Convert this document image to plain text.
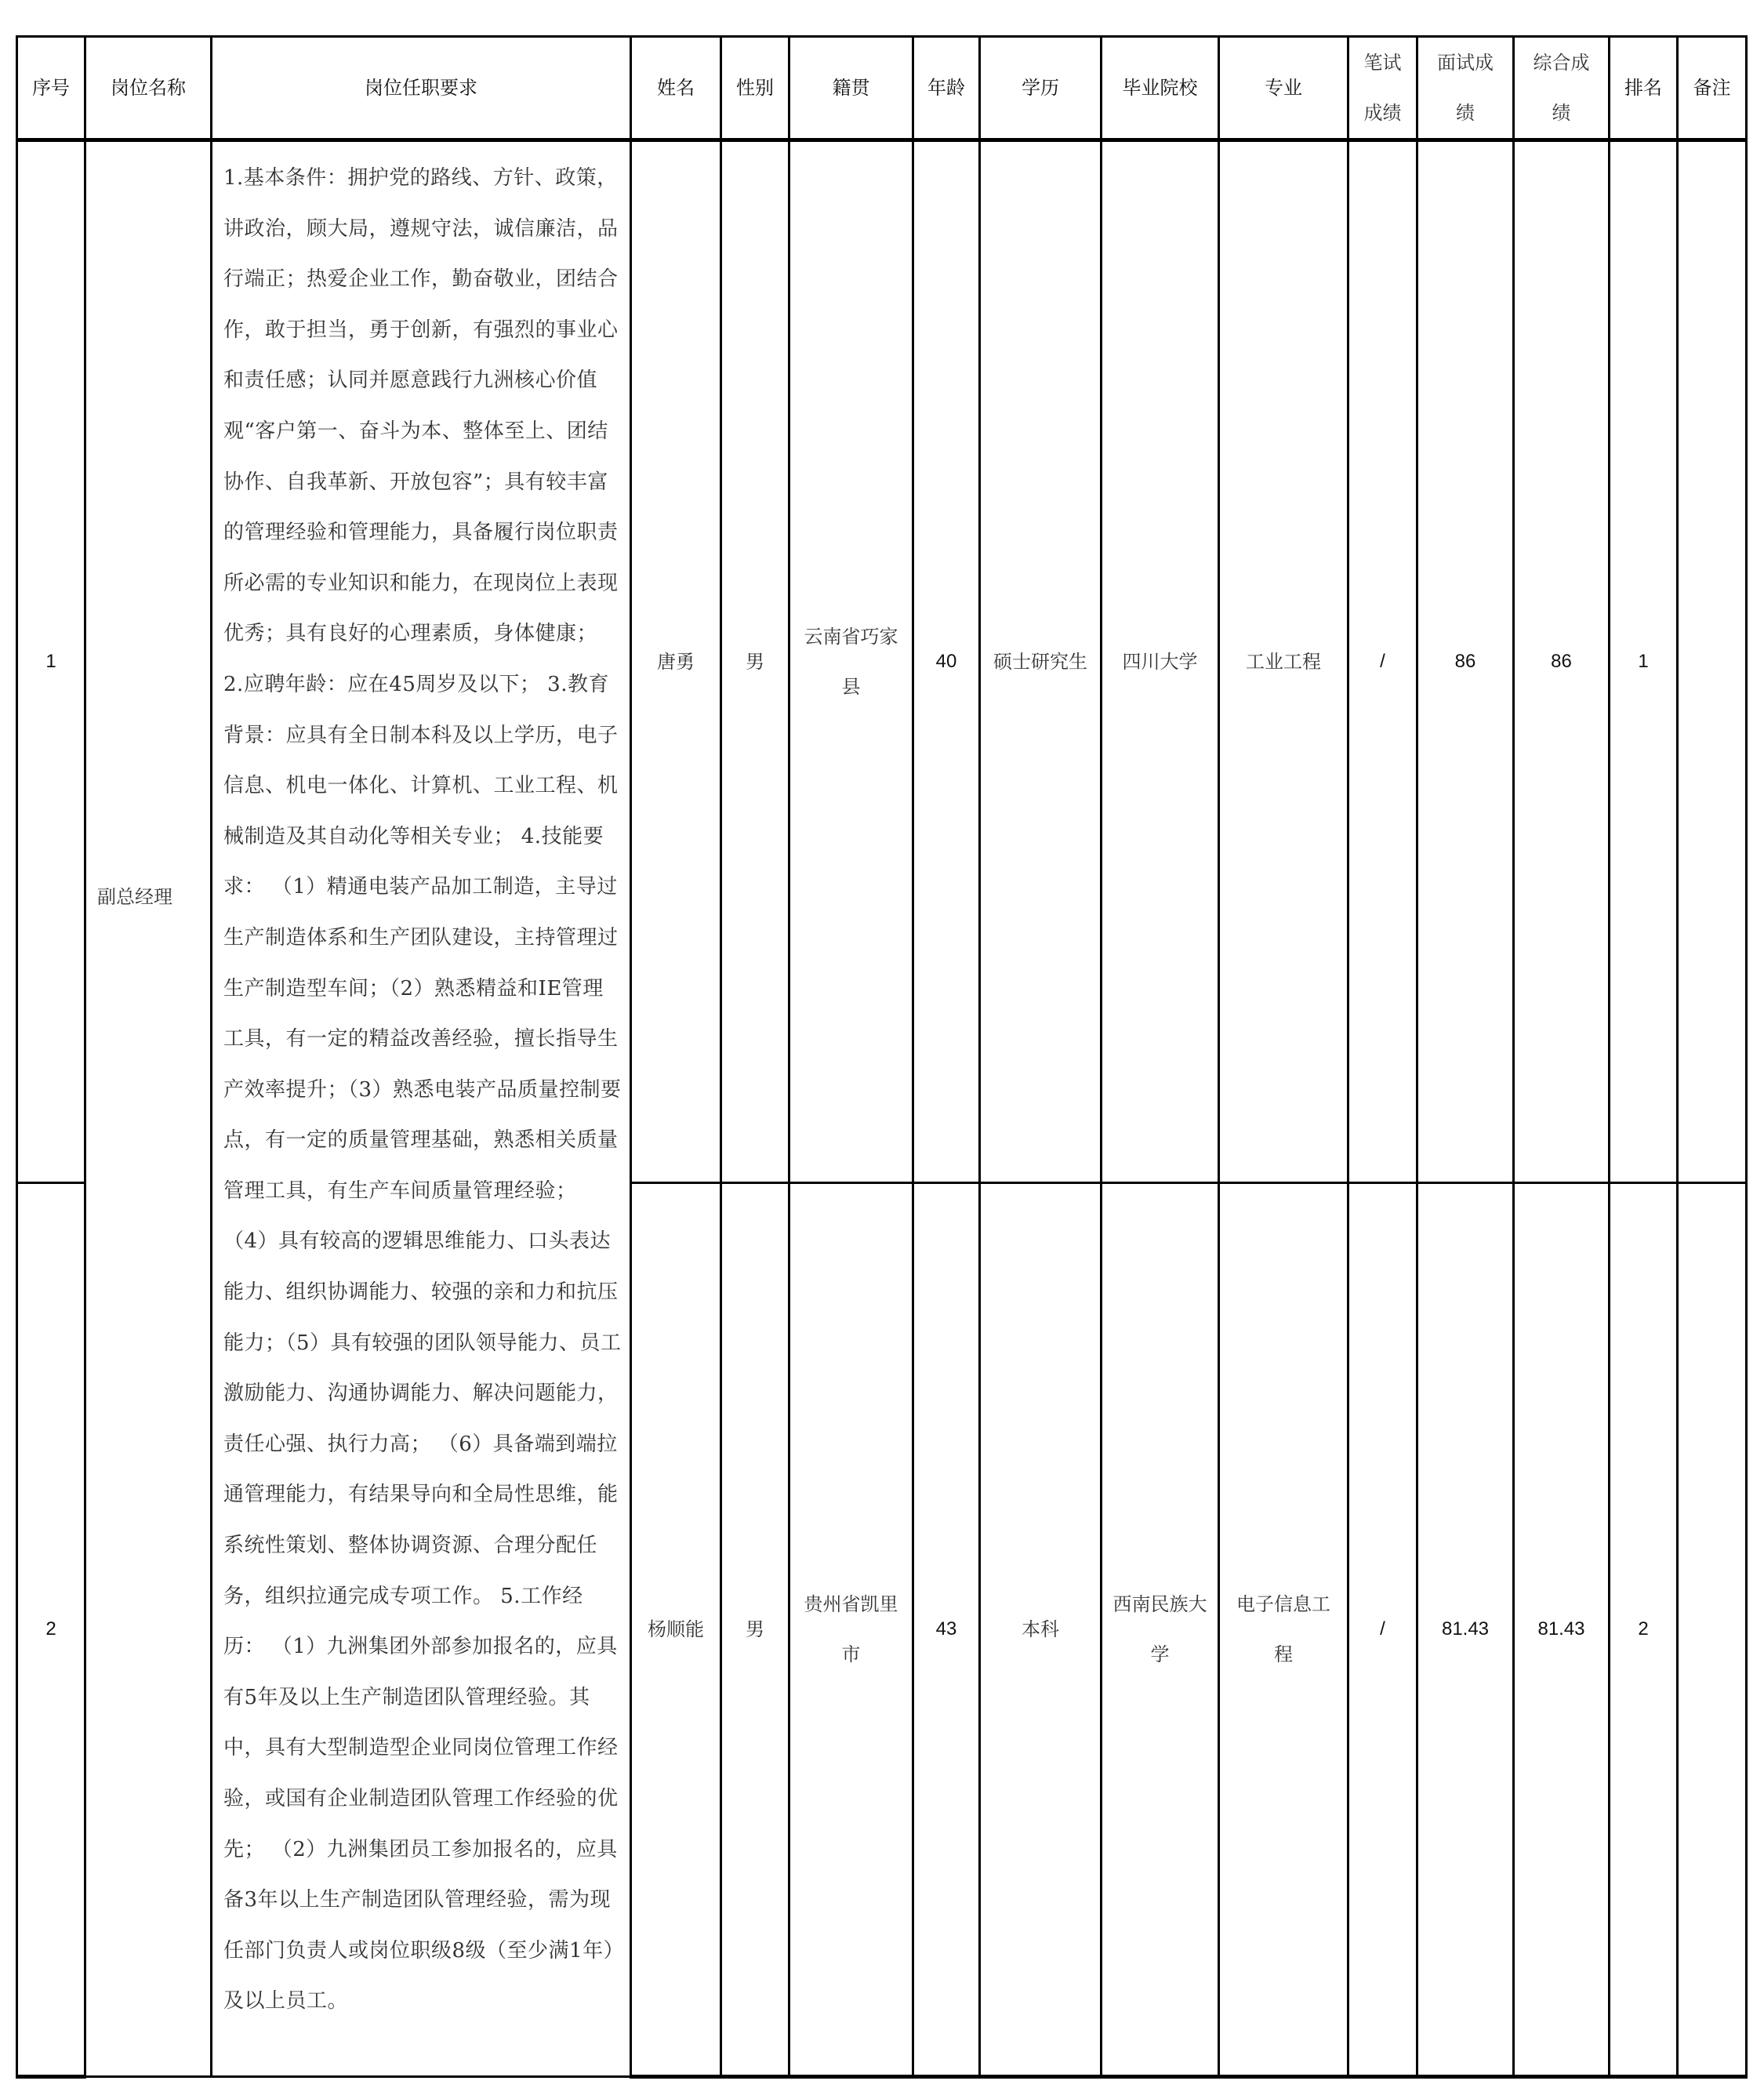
序号	岗位名称	岗位任职要求	姓名	性别	籍贯	年龄	学历	毕业院校	专业	笔试成绩	面试成绩	综合成绩	排名	备注
1	副总经理	1.基本条件：拥护党的路线、方针、政策，讲政治，顾大局，遵规守法，诚信廉洁，品行端正；热爱企业工作，勤奋敬业，团结合作，敢于担当，勇于创新，有强烈的事业心和责任感；认同并愿意践行九洲核心价值观“客户第一、奋斗为本、整体至上、团结协作、自我革新、开放包容”；具有较丰富的管理经验和管理能力，具备履行岗位职责所必需的专业知识和能力，在现岗位上表现优秀；具有良好的心理素质，身体健康； 2.应聘年龄：应在45周岁及以下； 3.教育背景：应具有全日制本科及以上学历，电子信息、机电一体化、计算机、工业工程、机械制造及其自动化等相关专业； 4.技能要求： （1）精通电装产品加工制造，主导过生产制造体系和生产团队建设，主持管理过生产制造型车间；（2）熟悉精益和IE管理工具，有一定的精益改善经验，擅长指导生产效率提升；（3）熟悉电装产品质量控制要点，有一定的质量管理基础，熟悉相关质量管理工具，有生产车间质量管理经验； （4）具有较高的逻辑思维能力、口头表达能力、组织协调能力、较强的亲和力和抗压能力；（5）具有较强的团队领导能力、员工激励能力、沟通协调能力、解决问题能力，责任心强、执行力高； （6）具备端到端拉通管理能力，有结果导向和全局性思维，能系统性策划、整体协调资源、合理分配任务，组织拉通完成专项工作。 5.工作经历： （1）九洲集团外部参加报名的，应具有5年及以上生产制造团队管理经验。其中，具有大型制造型企业同岗位管理工作经验，或国有企业制造团队管理工作经验的优先； （2）九洲集团员工参加报名的，应具备3年以上生产制造团队管理经验，需为现任部门负责人或岗位职级8级（至少满1年）及以上员工。	唐勇	男	云南省巧家县	40	硕士研究生	四川大学	工业工程	/	86	86	1	
2			杨顺能	男	贵州省凯里市	43	本科	西南民族大学	电子信息工程	/	81.43	81.43	2	
